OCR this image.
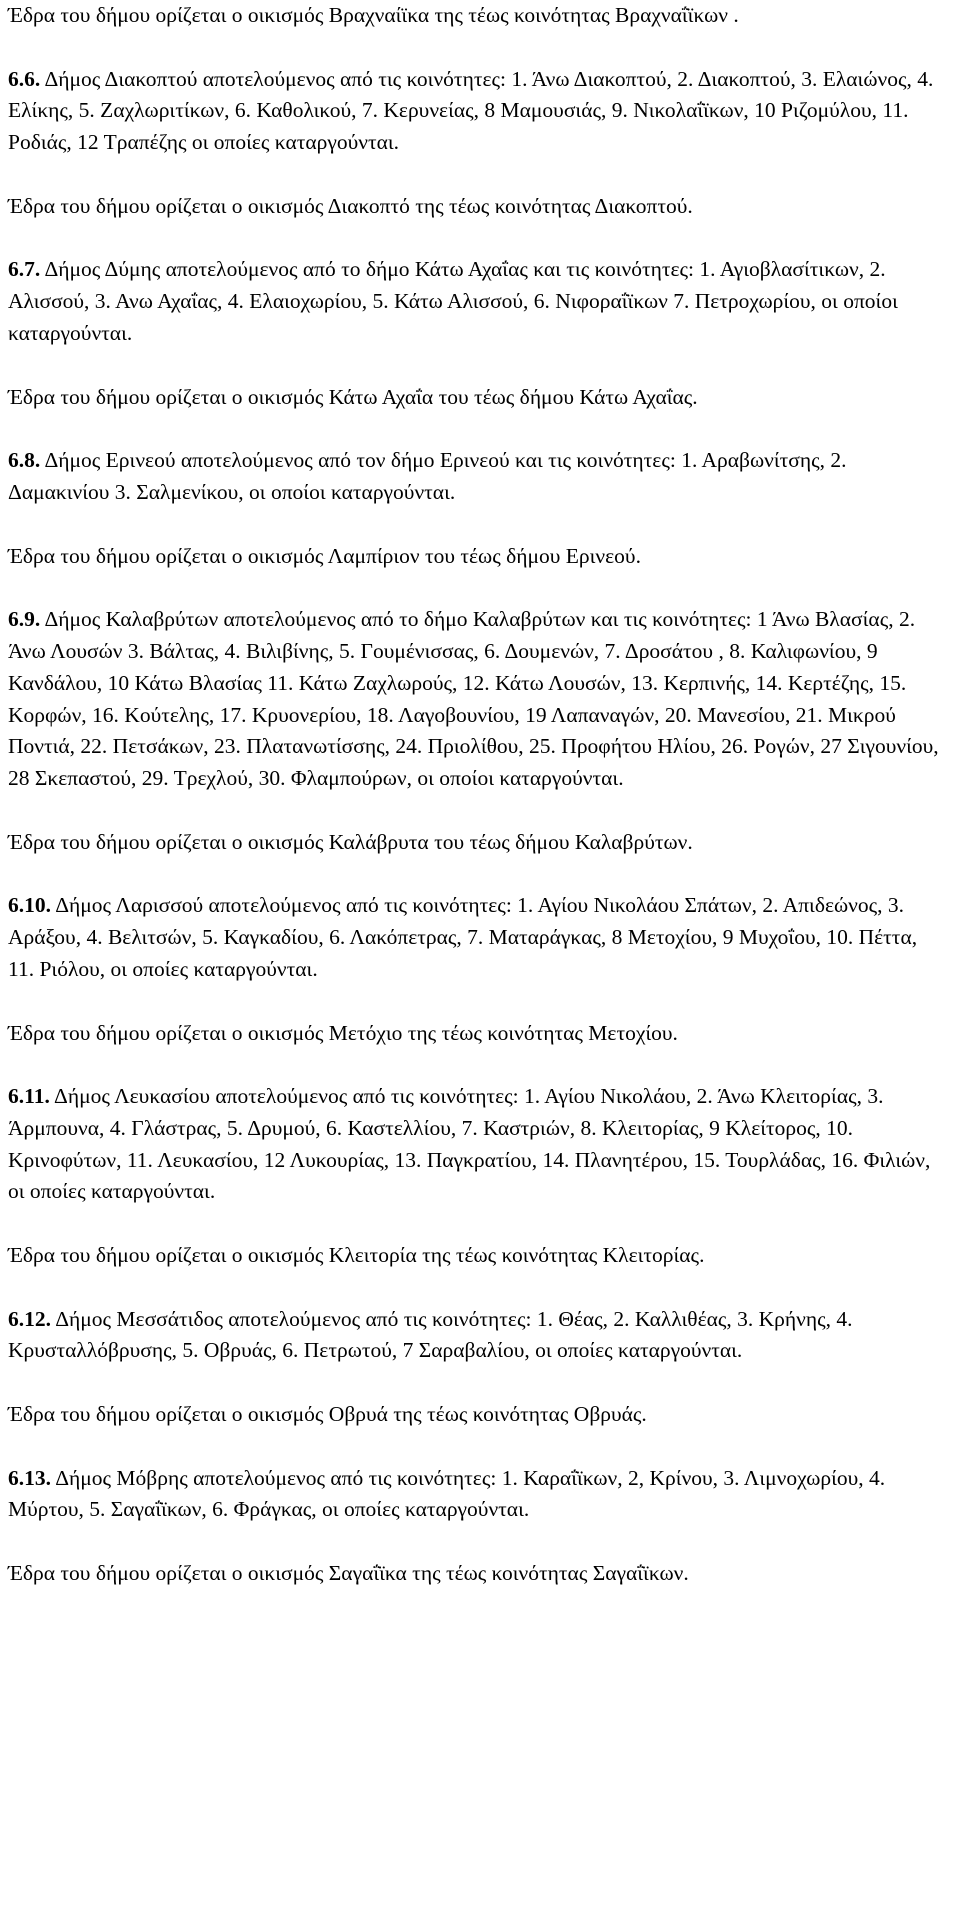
Έδρα του δήμου ορίζεται ο οικισμός Βραχναίϊκα της τέως κοινότητας Βραχναΐϊκων .

6.6. Δήμος Διακοπτού αποτελούμενος από τις κοινότητες: 1. Άνω Διακοπτού, 2. Διακοπτού, 3. Ελαιώνος, 4. Ελίκης, 5. Ζαχλωριτίκων, 6. Καθολικού, 7. Κερυνείας, 8 Μαμουσιάς, 9. Νικολαΐϊκων, 10 Ριζομύλου, 11. Ροδιάς, 12 Τραπέζης οι οποίες καταργούνται.

Έδρα του δήμου ορίζεται ο οικισμός Διακοπτό της τέως κοινότητας Διακοπτού.

6.7. Δήμος Δύμης αποτελούμενος από το δήμο Κάτω Αχαΐας και τις κοινότητες: 1. Αγιοβλασίτικων, 2. Αλισσού, 3. Ανω Αχαΐας, 4. Ελαιοχωρίου, 5. Κάτω Αλισσού, 6. Νιφοραΐϊκων 7. Πετροχωρίου, οι οποίοι καταργούνται.

Έδρα του δήμου ορίζεται ο οικισμός Κάτω Αχαΐα του τέως δήμου Κάτω Αχαΐας.

6.8. Δήμος Ερινεού αποτελούμενος από τον δήμο Ερινεού και τις κοινότητες: 1. Αραβωνίτσης, 2. Δαμακινίου 3. Σαλμενίκου, οι οποίοι καταργούνται.

Έδρα του δήμου ορίζεται ο οικισμός Λαμπίριον του τέως δήμου Ερινεού.

6.9. Δήμος Καλαβρύτων αποτελούμενος από το δήμο Καλαβρύτων και τις κοινότητες: 1 Άνω Βλασίας, 2. Άνω Λουσών 3. Βάλτας, 4. Βιλιβίνης, 5. Γουμένισσας, 6. Δουμενών, 7. Δροσάτου , 8. Καλιφωνίου, 9 Κανδάλου, 10 Κάτω Βλασίας 11. Κάτω Ζαχλωρούς, 12. Κάτω Λουσών, 13. Κερπινής, 14. Κερτέζης, 15. Κορφών, 16. Κούτελης, 17. Κρυονερίου, 18. Λαγοβουνίου, 19 Λαπαναγών, 20. Μανεσίου, 21. Μικρού Ποντιά, 22. Πετσάκων, 23. Πλατανωτίσσης, 24. Πριολίθου, 25. Προφήτου Ηλίου, 26. Ρογών, 27 Σιγουνίου, 28 Σκεπαστού, 29. Τρεχλού, 30. Φλαμπούρων, οι οποίοι καταργούνται.

Έδρα του δήμου ορίζεται ο οικισμός Καλάβρυτα του τέως δήμου Καλαβρύτων.

6.10. Δήμος Λαρισσού αποτελούμενος από τις κοινότητες: 1. Αγίου Νικολάου Σπάτων, 2. Απιδεώνος, 3. Αράξου, 4. Βελιτσών, 5. Καγκαδίου, 6. Λακόπετρας, 7. Ματαράγκας, 8 Μετοχίου, 9 Μυχοΐου, 10. Πέττα, 11. Ριόλου, οι οποίες καταργούνται.

Έδρα του δήμου ορίζεται ο οικισμός Μετόχιο της τέως κοινότητας Μετοχίου.

6.11. Δήμος Λευκασίου αποτελούμενος από τις κοινότητες: 1. Αγίου Νικολάου, 2. Άνω Κλειτορίας, 3. Άρμπουνα, 4. Γλάστρας, 5. Δρυμού, 6. Καστελλίου, 7. Καστριών, 8. Κλειτορίας, 9 Κλείτορος, 10. Κρινοφύτων, 11. Λευκασίου, 12 Λυκουρίας, 13. Παγκρατίου, 14. Πλανητέρου, 15. Τουρλάδας, 16. Φιλιών, οι οποίες καταργούνται.

Έδρα του δήμου ορίζεται ο οικισμός Κλειτορία της τέως κοινότητας Κλειτορίας.

6.12. Δήμος Μεσσάτιδος αποτελούμενος από τις κοινότητες: 1. Θέας, 2. Καλλιθέας, 3. Κρήνης, 4. Κρυσταλλόβρυσης, 5. Οβρυάς, 6. Πετρωτού, 7 Σαραβαλίου, οι οποίες καταργούνται.

Έδρα του δήμου ορίζεται ο οικισμός Οβρυά της τέως κοινότητας Οβρυάς.

6.13. Δήμος Μόβρης αποτελούμενος από τις κοινότητες: 1. Καραΐϊκων, 2, Κρίνου, 3. Λιμνοχωρίου, 4. Μύρτου, 5. Σαγαΐϊκων, 6. Φράγκας, οι οποίες καταργούνται.

Έδρα του δήμου ορίζεται ο οικισμός Σαγαΐϊκα της τέως κοινότητας Σαγαΐϊκων.
